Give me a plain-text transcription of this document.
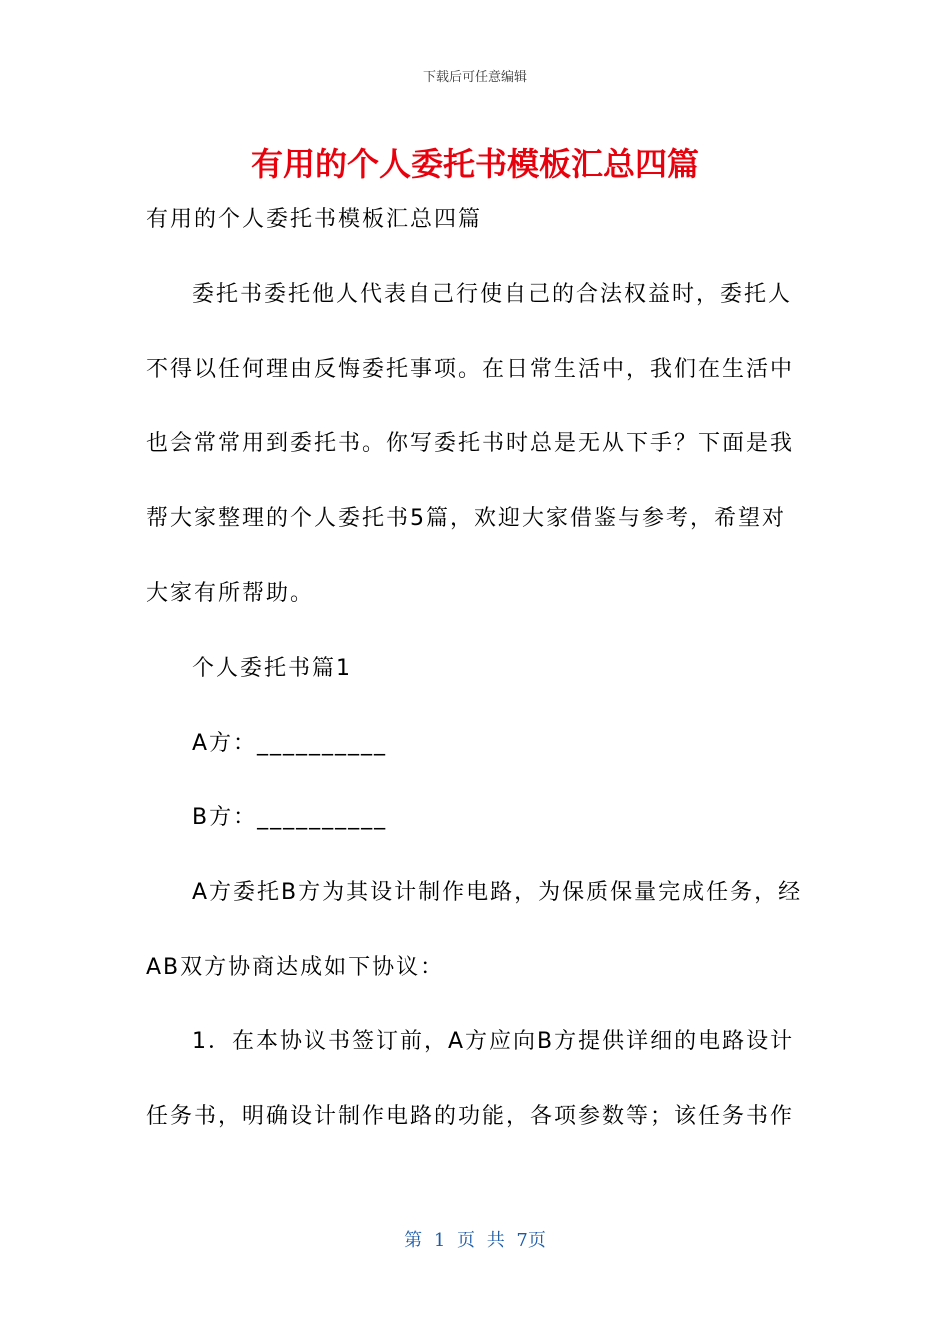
下载后可任意编辑
有用的个人委托书模板汇总四篇
有用的个人委托书模板汇总四篇
委托书委托他人代表自己行使自己的合法权益时，委托人
不得以任何理由反悔委托事项。在日常生活中，我们在生活中
也会常常用到委托书。你写委托书时总是无从下手？下面是我
帮大家整理的个人委托书5篇，欢迎大家借鉴与参考，希望对
大家有所帮助。
个人委托书篇1
A方：__________
B方：__________
A方委托B方为其设计制作电路，为保质保量完成任务，经
AB双方协商达成如下协议：
1．在本协议书签订前，A方应向B方提供详细的电路设计
任务书，明确设计制作电路的功能，各项参数等；该任务书作
第 1 页 共 7页
